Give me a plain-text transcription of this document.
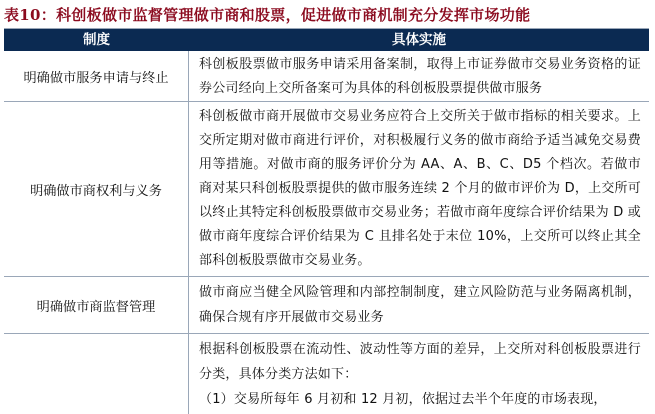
表10：科创板做市监督管理做市商和股票，促进做市商机制充分发挥市场功能
制度	具体实施
明确做市服务申请与终止
科创板股票做市服务申请采用备案制，取得上市证券做市交易业务资格的证券公司经向上交所备案可为具体的科创板股票提供做市服务
明确做市商权利与义务
科创板做市商开展做市交易业务应符合上交所关于做市指标的相关要求。上交所定期对做市商进行评价，对积极履行义务的做市商给予适当减免交易费用等措施。对做市商的服务评价分为 AA、A、B、C、D5 个档次。若做市商对某只科创板股票提供的做市服务连续 2 个月的做市评价为 D，上交所可以终止其特定科创板股票做市交易业务；若做市商年度综合评价结果为 D 或做市商年度综合评价结果为 C 且排名处于末位 10%，上交所可以终止其全部科创板股票做市交易业务。
明确做市商监督管理
做市商应当健全风险管理和内部控制制度，建立风险防范与业务隔离机制，确保合规有序开展做市交易业务
根据科创板股票在流动性、波动性等方面的差异，上交所对科创板股票进行分类，具体分类方法如下：
（1）交易所每年 6 月初和 12 月初，依据过去半个年度的市场表现，
